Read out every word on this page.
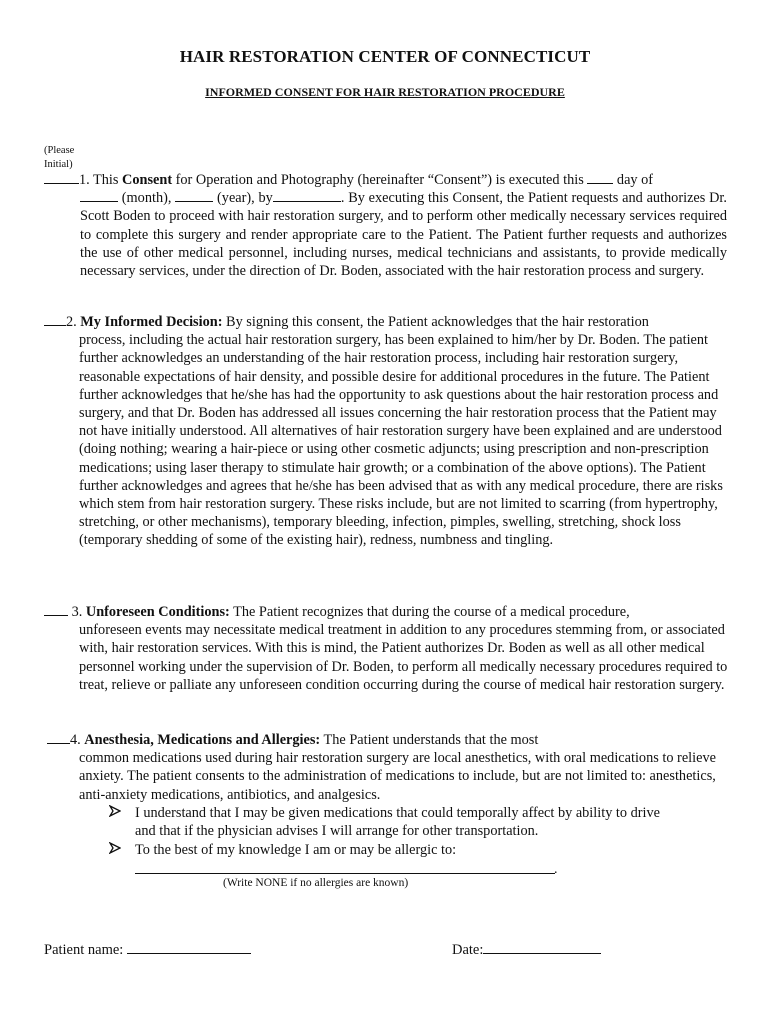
HAIR RESTORATION CENTER OF CONNECTICUT
INFORMED CONSENT FOR HAIR RESTORATION PROCEDURE
(Please
Initial)
1. This Consent for Operation and Photography (hereinafter “Consent”) is executed this  day of
(month),	(year), by	. By executing this Consent, the Patient requests and authorizes Dr. Scott Boden to proceed with hair restoration surgery, and to perform other medically necessary services required to complete this surgery and render appropriate care to the Patient. The Patient further requests and authorizes the use of other medical personnel, including nurses, medical technicians and assistants, to provide medically necessary services, under the direction of Dr. Boden, associated with the hair restoration process and surgery.
2. My Informed Decision: By signing this consent, the Patient acknowledges that the hair restoration
process, including the actual hair restoration surgery, has been explained to him/her by Dr. Boden. The patient further acknowledges an understanding of the hair restoration process, including hair restoration surgery, reasonable expectations of hair density, and possible desire for additional procedures in the future. The Patient further acknowledges that he/she has had the opportunity to ask questions about the hair restoration process and surgery, and that Dr. Boden has addressed all issues concerning the hair restoration process that the Patient may not have initially understood. All alternatives of hair restoration surgery have been explained and are understood (doing nothing; wearing a hair-piece or using other cosmetic adjuncts; using prescription and non-prescription medications; using laser therapy to stimulate hair growth; or a combination of the above options). The Patient further acknowledges and agrees that he/she has been advised that as with any medical procedure, there are risks which stem from hair restoration surgery. These risks include, but are not limited to scarring (from hypertrophy, stretching, or other mechanisms), temporary bleeding, infection, pimples, swelling, stretching, shock loss (temporary shedding of some of the existing hair), redness, numbness and tingling.
3. Unforeseen Conditions: The Patient recognizes that during the course of a medical procedure,
unforeseen events may necessitate medical treatment in addition to any procedures stemming from, or associated with, hair restoration services. With this is mind, the Patient authorizes Dr. Boden as well as all other medical personnel working under the supervision of Dr. Boden, to perform all medically necessary procedures required to treat, relieve or palliate any unforeseen condition occurring during the course of medical hair restoration surgery.
4. Anesthesia, Medications and Allergies: The Patient understands that the most
common medications used during hair restoration surgery are local anesthetics, with oral medications to relieve anxiety. The patient consents to the administration of medications to include, but are not limited to: anesthetics, anti-anxiety medications, antibiotics, and analgesics.
I understand that I may be given medications that could temporally affect by ability to drive
and that if the physician advises I will arrange for other transportation.
To the best of my knowledge I am or may be allergic to:
.
(Write NONE if no allergies are known)
Patient name:	Date:
